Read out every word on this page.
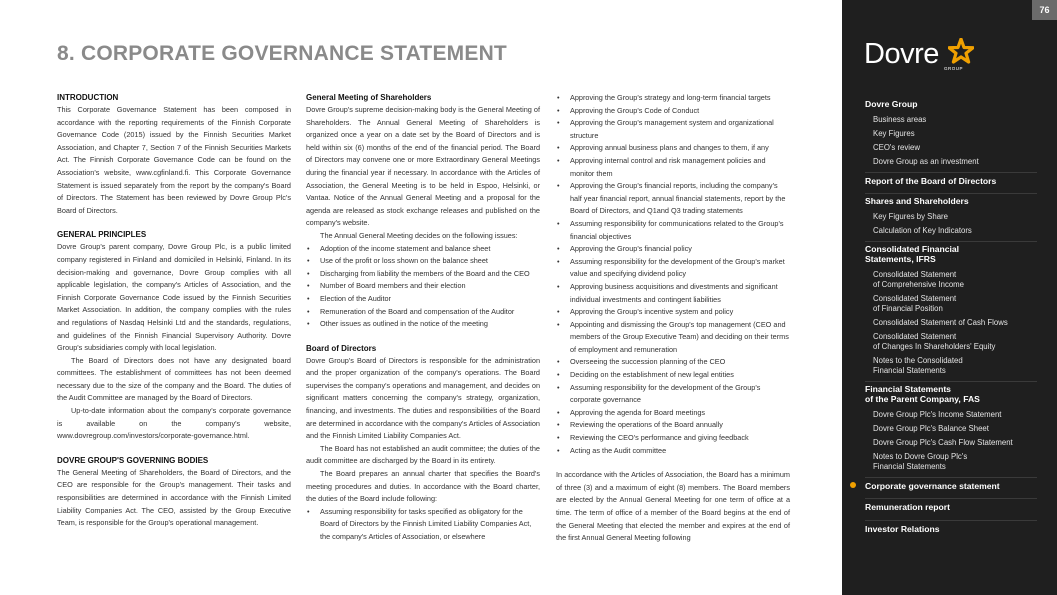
8. CORPORATE GOVERNANCE STATEMENT
INTRODUCTION

This Corporate Governance Statement has been composed in accordance with the reporting requirements of the Finnish Corporate Governance Code (2015) issued by the Finnish Securities Market Association, and Chapter 7, Section 7 of the Finnish Securities Markets Act. The Finnish Corporate Governance Code can be found on the Association's website, www.cgfinland.fi. This Corporate Governance Statement is issued separately from the report by the company's Board of Directors. The Statement has been reviewed by Dovre Group Plc's Board of Directors.

GENERAL PRINCIPLES

Dovre Group's parent company, Dovre Group Plc, is a public limited company registered in Finland and domiciled in Helsinki, Finland. In its decision-making and governance, Dovre Group complies with all applicable legislation, the company's Articles of Association, and the Finnish Corporate Governance Code issued by the Finnish Securities Market Association. In addition, the company complies with the rules and regulations of Nasdaq Helsinki Ltd and the standards, regulations, and guidelines of the Finnish Financial Supervisory Authority. Dovre Group's subsidiaries comply with local legislation.

The Board of Directors does not have any designated board committees. The establishment of committees has not been deemed necessary due to the size of the company and the Board. The duties of the Audit Committee are managed by the Board of Directors.

Up-to-date information about the company's corporate governance is available on the company's website, www.dovregroup.com/investors/corporate-governance.html.

DOVRE GROUP'S GOVERNING BODIES

The General Meeting of Shareholders, the Board of Directors, and the CEO are responsible for the Group's management. Their tasks and responsibilities are determined in accordance with the Finnish Limited Liability Companies Act. The CEO, assisted by the Group Executive Team, is responsible for the Group's operational management.

General Meeting of Shareholders

Dovre Group's supreme decision-making body is the General Meeting of Shareholders. The Annual General Meeting of Shareholders is organized once a year on a date set by the Board of Directors and is held within six (6) months of the end of the financial period. The Board of Directors may convene one or more Extraordinary General Meetings during the financial year if necessary. In accordance with the Articles of Association, the General Meeting is to be held in Espoo, Helsinki, or Vantaa. Notice of the Annual General Meeting and a proposal for the agenda are released as stock exchange releases and published on the company's website.

The Annual General Meeting decides on the following issues:

• Adoption of the income statement and balance sheet
• Use of the profit or loss shown on the balance sheet
• Discharging from liability the members of the Board and the CEO
• Number of Board members and their election
• Election of the Auditor
• Remuneration of the Board and compensation of the Auditor
• Other issues as outlined in the notice of the meeting
Board of Directors

Dovre Group's Board of Directors is responsible for the administration and the proper organization of the company's operations. The Board supervises the company's operations and management, and decides on significant matters concerning the company's strategy, organization, financing, and investments. The duties and responsibilities of the Board are determined in accordance with the company's Articles of Association and the Finnish Limited Liability Companies Act.

The Board has not established an audit committee; the duties of the audit committee are discharged by the Board in its entirety.

The Board prepares an annual charter that specifies the Board's meeting procedures and duties. In accordance with the Board charter, the duties of the Board include following:

• Assuming responsibility for tasks specified as obligatory for the Board of Directors by the Finnish Limited Liability Companies Act, the company's Articles of Association, or elsewhere
• Approving the Group's strategy and long-term financial targets
• Approving the Group's Code of Conduct
• Approving the Group's management system and organizational structure
• Approving annual business plans and changes to them, if any
• Approving internal control and risk management policies and monitor them
• Approving the Group's financial reports, including the company's half year financial report, annual financial statements, report by the Board of Directors, and Q1and Q3 trading statements
• Assuming responsibility for communications related to the Group's financial objectives
• Approving the Group's financial policy
• Assuming responsibility for the development of the Group's market value and specifying dividend policy
• Approving business acquisitions and divestments and significant individual investments and contingent liabilities
• Approving the Group's incentive system and policy
• Appointing and dismissing the Group's top management (CEO and members of the Group Executive Team) and deciding on their terms of employment and remuneration
• Overseeing the succession planning of the CEO
• Deciding on the establishment of new legal entities
• Assuming responsibility for the development of the Group's corporate governance
• Approving the agenda for Board meetings
• Reviewing the operations of the Board annually
• Reviewing the CEO's performance and giving feedback
• Acting as the Audit committee

In accordance with the Articles of Association, the Board has a minimum of three (3) and a maximum of eight (8) members. The Board members are elected by the Annual General Meeting for one term of office at a time. The term of office of a member of the Board begins at the end of the General Meeting that elected the member and expires at the end of the first Annual General Meeting following

76
Dovre GROUP
Dovre Group
Business areas
Key Figures
CEO's review
Dovre Group as an investment
Report of the Board of Directors
Shares and Shareholders
Key Figures by Share
Calculation of Key Indicators
Consolidated Financial
Statements, IFRS
Consolidated Statement
of Comprehensive Income
Consolidated Statement
of Financial Position
Consolidated Statement of Cash Flows
Consolidated Statement
of Changes In Shareholders' Equity
Notes to the Consolidated
Financial Statements
Financial Statements
of the Parent Company, FAS
Dovre Group Plc's Income Statement
Dovre Group Plc's Balance Sheet
Dovre Group Plc's Cash Flow Statement
Notes to Dovre Group Plc's
Financial Statements
Corporate governance statement
Remuneration report
Investor Relations
